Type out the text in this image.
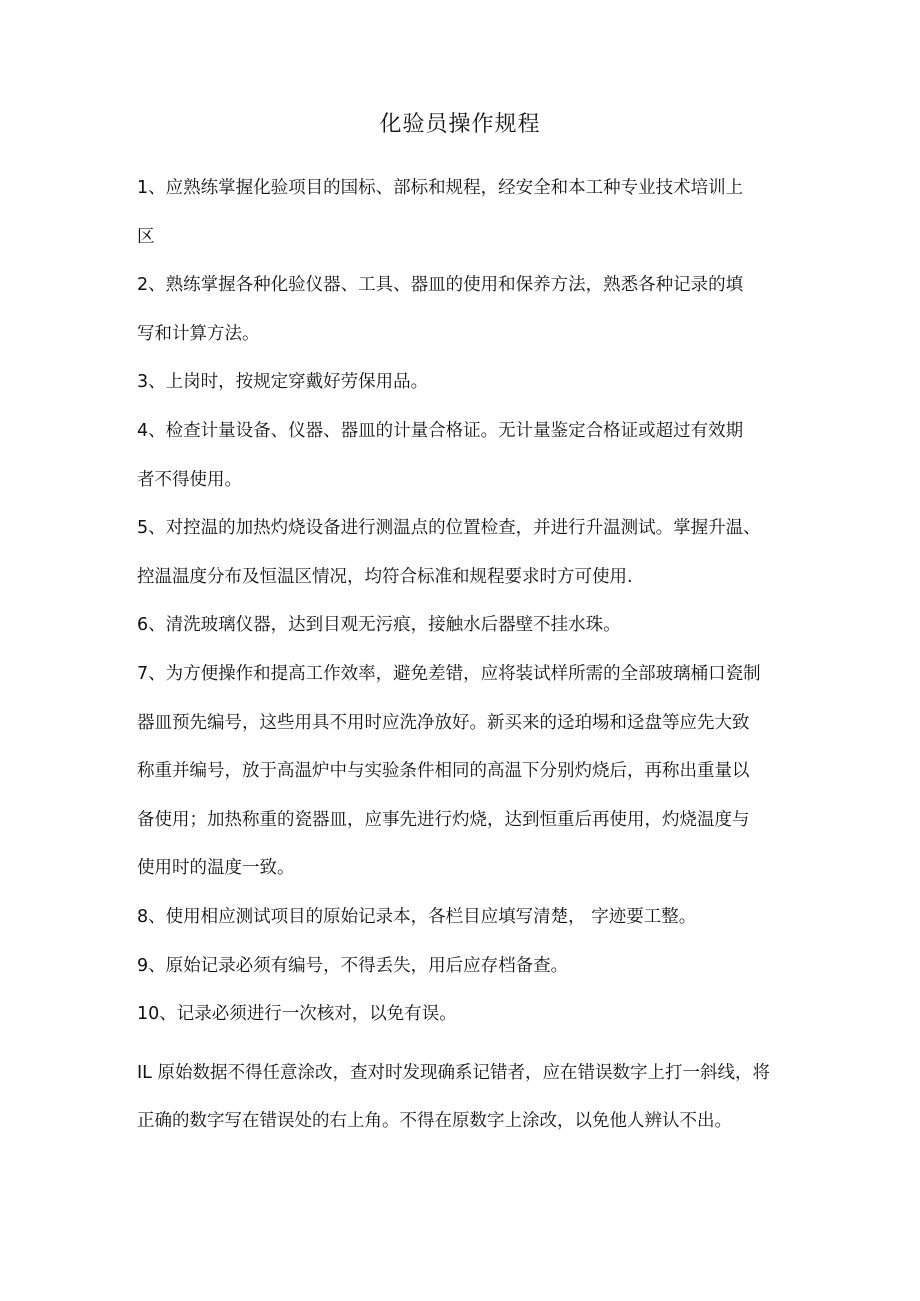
化验员操作规程

1、应熟练掌握化验项目的国标、部标和规程，经安全和本工种专业技术培训上
区

2、熟练掌握各种化验仪器、工具、器皿的使用和保养方法，熟悉各种记录的填
写和计算方法。

3、上岗时，按规定穿戴好劳保用品。

4、检查计量设备、仪器、器皿的计量合格证。无计量鉴定合格证或超过有效期
者不得使用。

5、对控温的加热灼烧设备进行测温点的位置检查，并进行升温测试。掌握升温、
控温温度分布及恒温区情况，均符合标准和规程要求时方可使用.

6、清洗玻璃仪器，达到目观无污痕，接触水后器壁不挂水珠。

7、为方便操作和提高工作效率，避免差错，应将装试样所需的全部玻璃桶口瓷制
器皿预先编号，这些用具不用时应洗净放好。新买来的迳珀埸和迳盘等应先大致
称重并编号，放于高温炉中与实验条件相同的高温下分别灼烧后，再称出重量以
备使用；加热称重的瓷器皿，应事先进行灼烧，达到恒重后再使用，灼烧温度与
使用时的温度一致。

8、使用相应测试项目的原始记录本，各栏目应填写清楚， 字迹要工整。

9、原始记录必须有编号，不得丢失，用后应存档备查。

10、记录必须进行一次核对，以免有误。

IL 原始数据不得任意涂改，查对时发现确系记错者，应在错误数字上打一斜线，将
正确的数字写在错误处的右上角。不得在原数字上涂改，以免他人辨认不出。
